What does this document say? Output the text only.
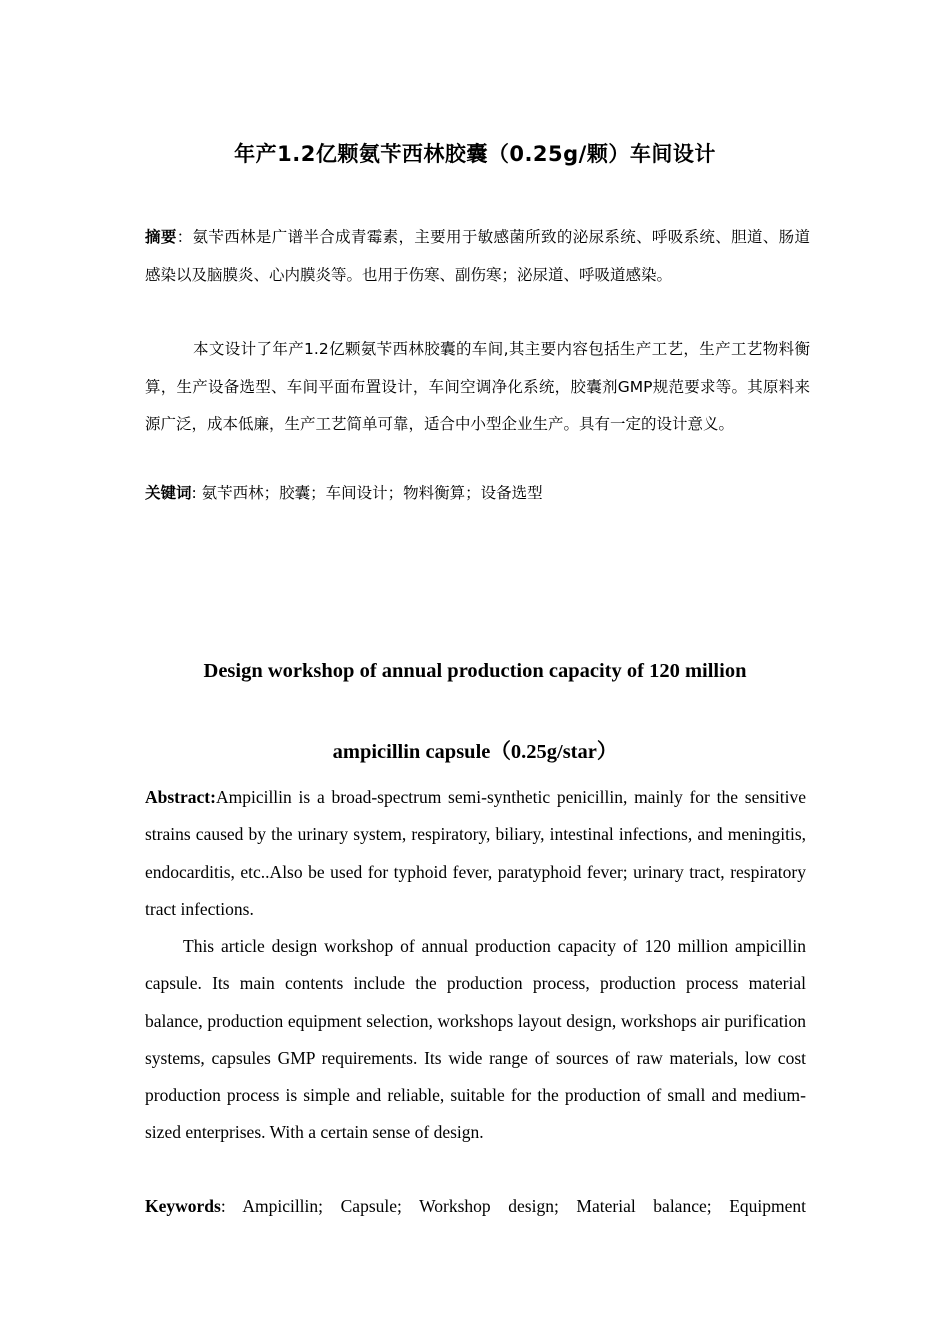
年产1.2亿颗氨苄西林胶囊（0.25g/颗）车间设计
摘要：氨苄西林是广谱半合成青霉素，主要用于敏感菌所致的泌尿系统、呼吸系统、胆道、肠道感染以及脑膜炎、心内膜炎等。也用于伤寒、副伤寒；泌尿道、呼吸道感染。
本文设计了年产1.2亿颗氨苄西林胶囊的车间,其主要内容包括生产工艺，生产工艺物料衡算，生产设备选型、车间平面布置设计，车间空调净化系统，胶囊剂GMP规范要求等。其原料来源广泛，成本低廉，生产工艺简单可靠，适合中小型企业生产。具有一定的设计意义。
关键词: 氨苄西林；胶囊；车间设计；物料衡算；设备选型
Design workshop of annual production capacity of 120 million
ampicillin capsule（0.25g/star）
Abstract:Ampicillin is a broad-spectrum semi-synthetic penicillin, mainly for the sensitive strains caused by the urinary system, respiratory, biliary, intestinal infections, and meningitis, endocarditis, etc..Also be used for typhoid fever, paratyphoid fever; urinary tract, respiratory tract infections.
This article design workshop of annual production capacity of 120 million ampicillin capsule. Its main contents include the production process, production process material balance, production equipment selection, workshops layout design, workshops air purification systems, capsules GMP requirements. Its wide range of sources of raw materials, low cost production process is simple and reliable, suitable for the production of small and medium-sized enterprises. With a certain sense of design.
Keywords: Ampicillin; Capsule; Workshop design; Material balance; Equipment
